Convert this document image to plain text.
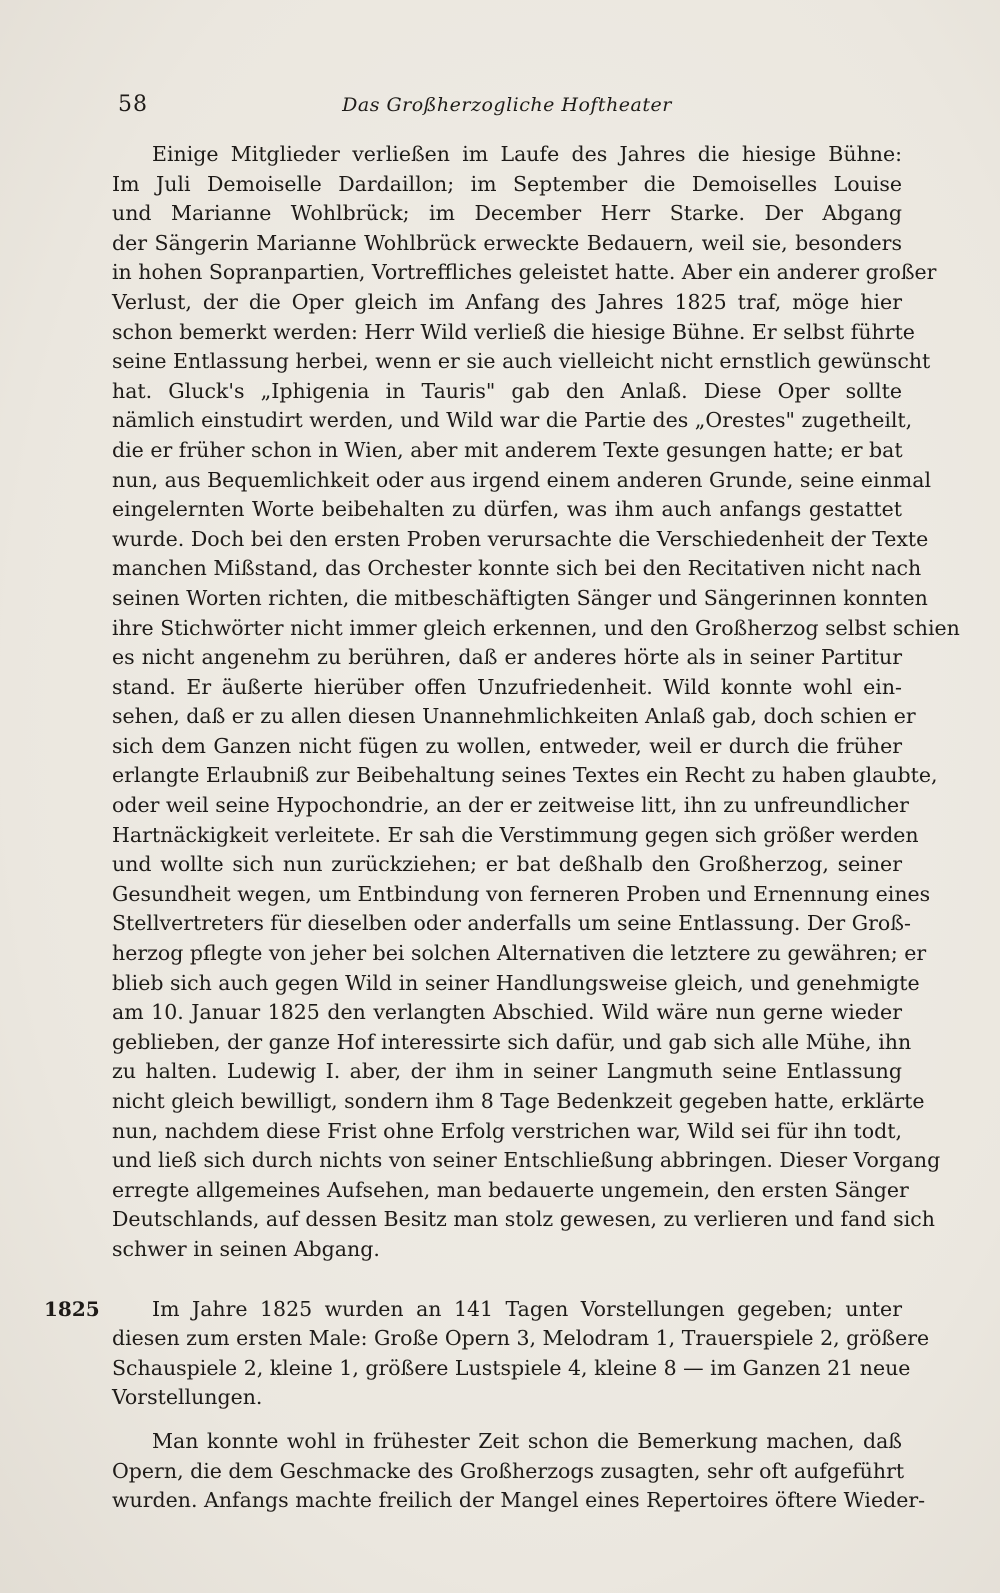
58	Das Großherzogliche Hoftheater

Einige Mitglieder verließen im Laufe des Jahres die hiesige Bühne:
Im Juli Demoiselle Dardaillon; im September die Demoiselles Louise
und Marianne Wohlbrück; im December Herr Starke. Der Abgang
der Sängerin Marianne Wohlbrück erweckte Bedauern, weil sie, besonders
in hohen Sopranpartien, Vortreffliches geleistet hatte. Aber ein anderer großer
Verlust, der die Oper gleich im Anfang des Jahres 1825 traf, möge hier
schon bemerkt werden: Herr Wild verließ die hiesige Bühne. Er selbst führte
seine Entlassung herbei, wenn er sie auch vielleicht nicht ernstlich gewünscht
hat. Gluck's „Iphigenia in Tauris" gab den Anlaß. Diese Oper sollte
nämlich einstudirt werden, und Wild war die Partie des „Orestes" zugetheilt,
die er früher schon in Wien, aber mit anderem Texte gesungen hatte; er bat
nun, aus Bequemlichkeit oder aus irgend einem anderen Grunde, seine einmal
eingelernten Worte beibehalten zu dürfen, was ihm auch anfangs gestattet
wurde. Doch bei den ersten Proben verursachte die Verschiedenheit der Texte
manchen Mißstand, das Orchester konnte sich bei den Recitativen nicht nach
seinen Worten richten, die mitbeschäftigten Sänger und Sängerinnen konnten
ihre Stichwörter nicht immer gleich erkennen, und den Großherzog selbst schien
es nicht angenehm zu berühren, daß er anderes hörte als in seiner Partitur
stand. Er äußerte hierüber offen Unzufriedenheit. Wild konnte wohl ein-
sehen, daß er zu allen diesen Unannehmlichkeiten Anlaß gab, doch schien er
sich dem Ganzen nicht fügen zu wollen, entweder, weil er durch die früher
erlangte Erlaubniß zur Beibehaltung seines Textes ein Recht zu haben glaubte,
oder weil seine Hypochondrie, an der er zeitweise litt, ihn zu unfreundlicher
Hartnäckigkeit verleitete. Er sah die Verstimmung gegen sich größer werden
und wollte sich nun zurückziehen; er bat deßhalb den Großherzog, seiner
Gesundheit wegen, um Entbindung von ferneren Proben und Ernennung eines
Stellvertreters für dieselben oder anderfalls um seine Entlassung. Der Groß-
herzog pflegte von jeher bei solchen Alternativen die letztere zu gewähren; er
blieb sich auch gegen Wild in seiner Handlungsweise gleich, und genehmigte
am 10. Januar 1825 den verlangten Abschied. Wild wäre nun gerne wieder
geblieben, der ganze Hof interessirte sich dafür, und gab sich alle Mühe, ihn
zu halten. Ludewig I. aber, der ihm in seiner Langmuth seine Entlassung
nicht gleich bewilligt, sondern ihm 8 Tage Bedenkzeit gegeben hatte, erklärte
nun, nachdem diese Frist ohne Erfolg verstrichen war, Wild sei für ihn todt,
und ließ sich durch nichts von seiner Entschließung abbringen. Dieser Vorgang
erregte allgemeines Aufsehen, man bedauerte ungemein, den ersten Sänger
Deutschlands, auf dessen Besitz man stolz gewesen, zu verlieren und fand sich
schwer in seinen Abgang.

1825	Im Jahre 1825 wurden an 141 Tagen Vorstellungen gegeben; unter
diesen zum ersten Male: Große Opern 3, Melodram 1, Trauerspiele 2, größere
Schauspiele 2, kleine 1, größere Lustspiele 4, kleine 8 — im Ganzen 21 neue
Vorstellungen.

Man konnte wohl in frühester Zeit schon die Bemerkung machen, daß
Opern, die dem Geschmacke des Großherzogs zusagten, sehr oft aufgeführt
wurden. Anfangs machte freilich der Mangel eines Repertoires öftere Wieder-
